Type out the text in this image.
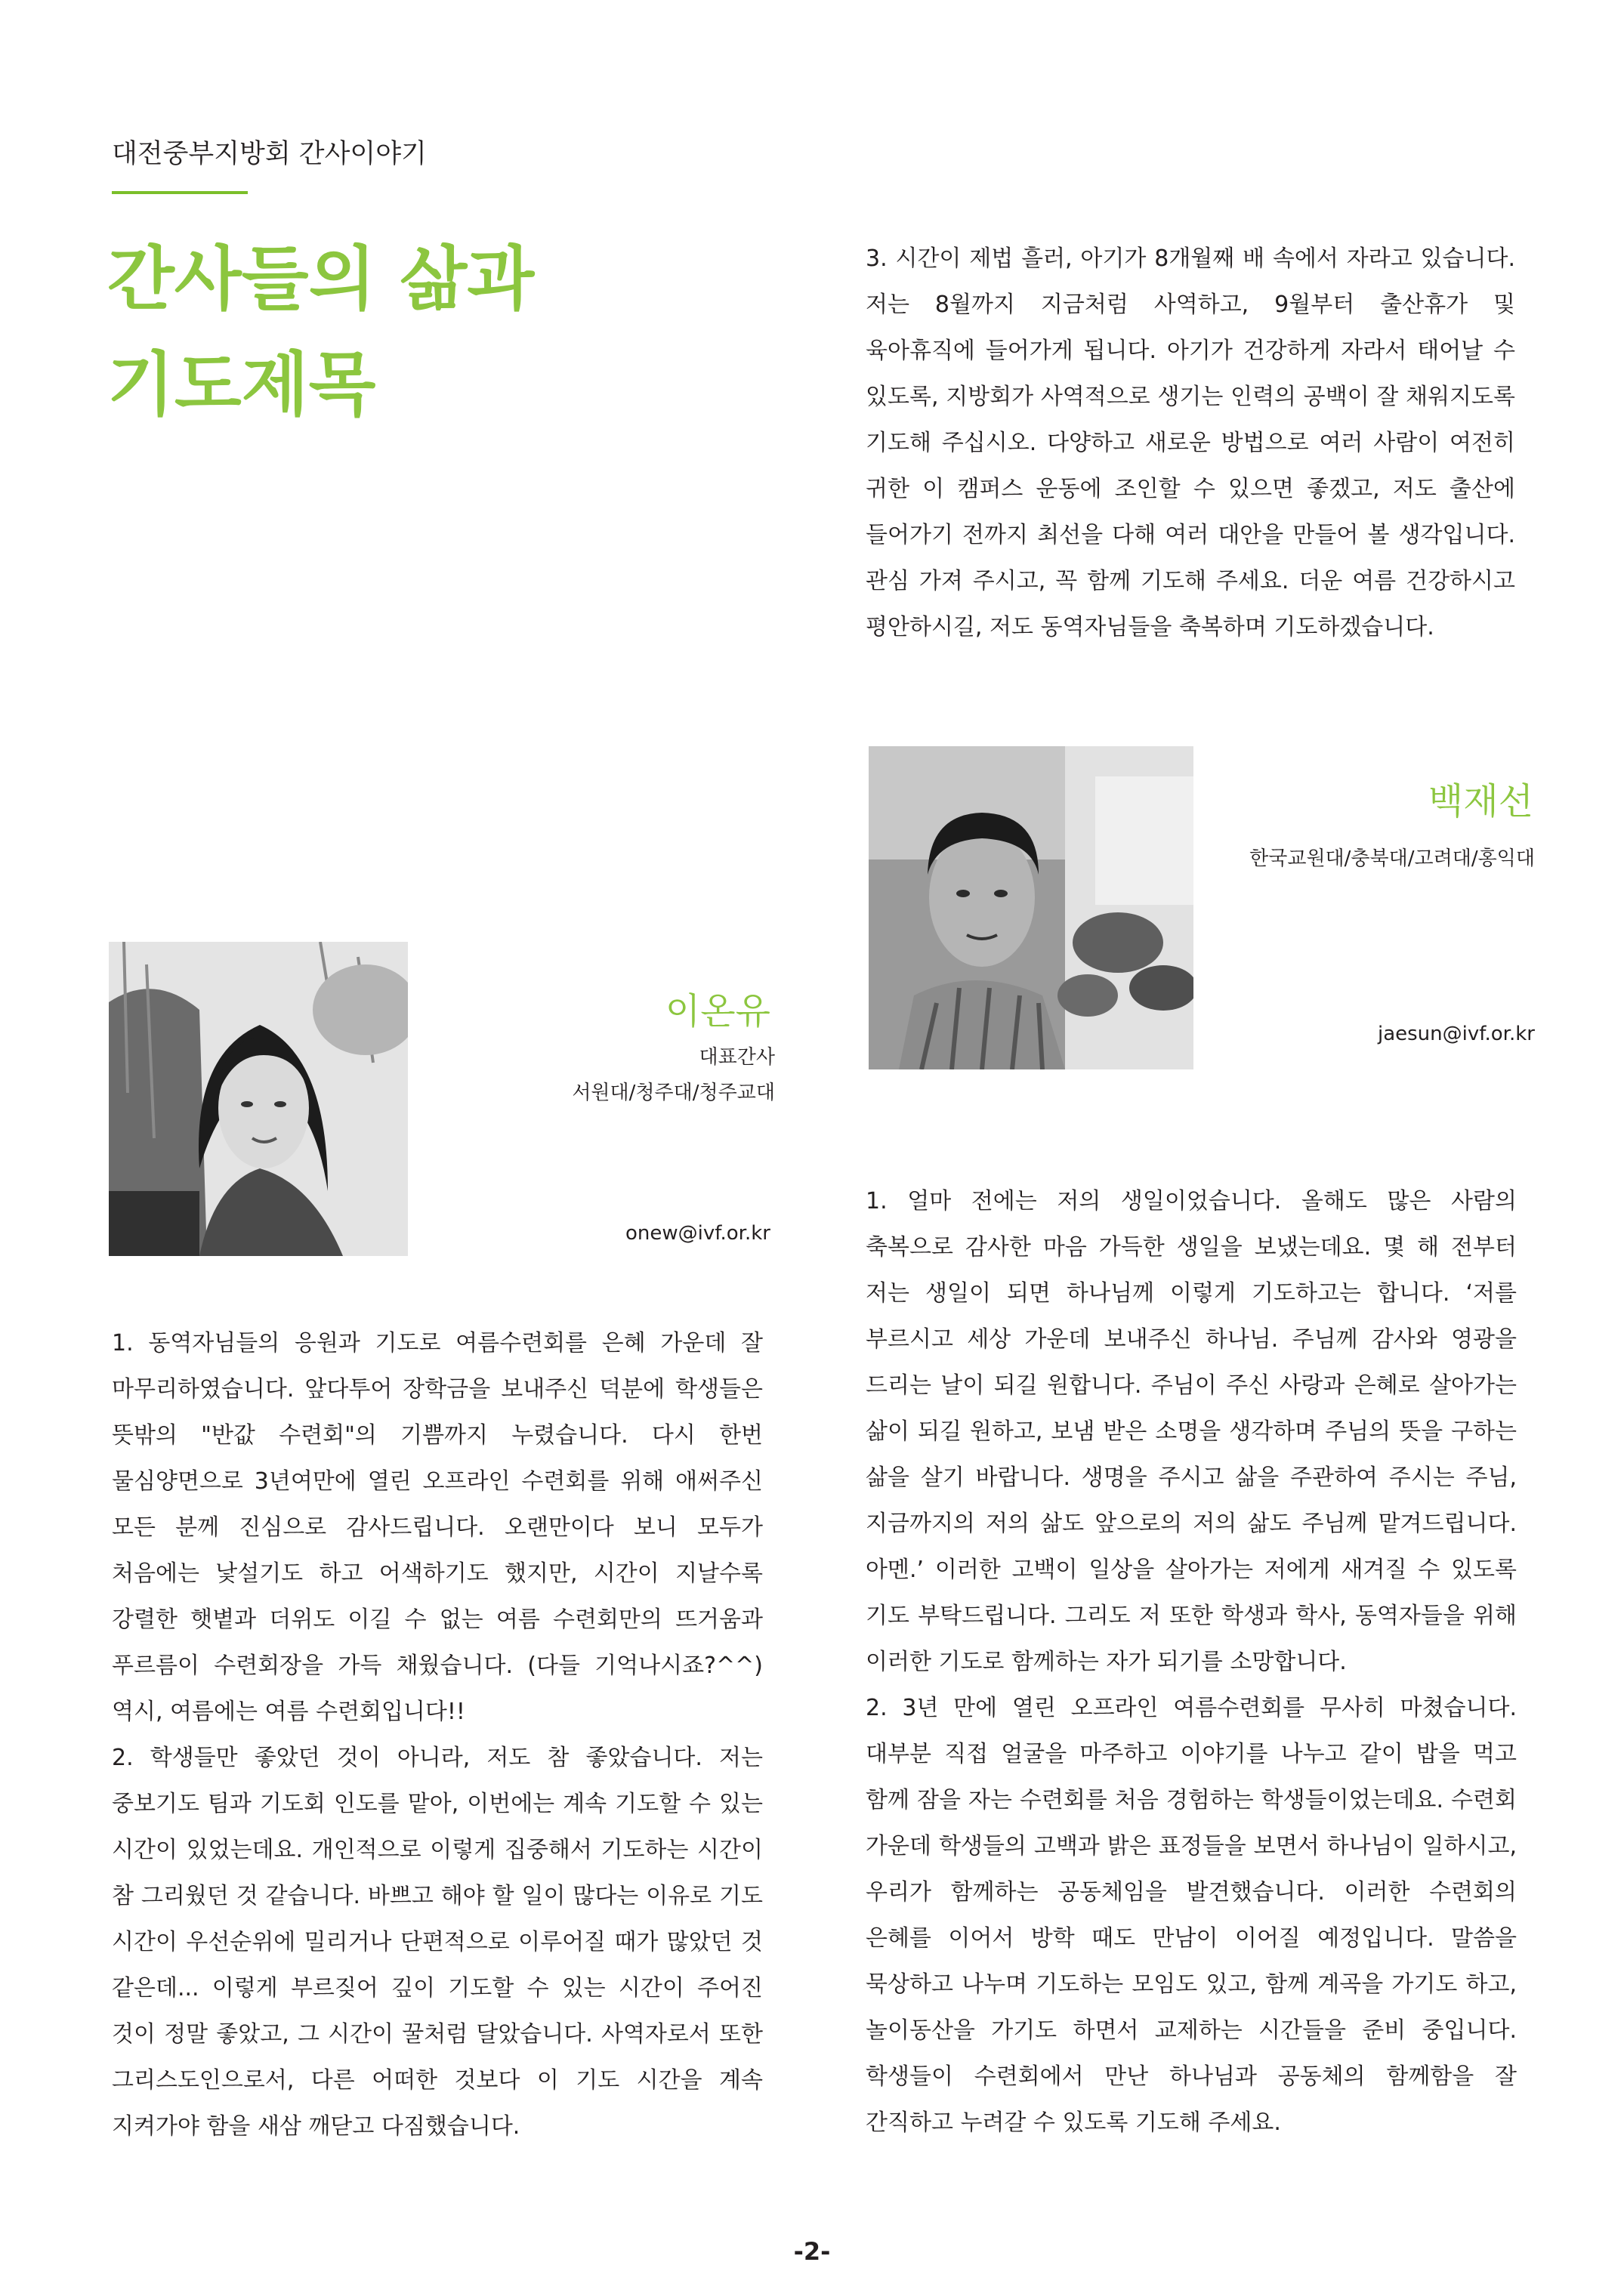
대전중부지방회 간사이야기
간사들의 삶과
기도제목
3. 시간이 제법 흘러, 아기가 8개월째 배 속에서 자라고 있습니다. 저는 8월까지 지금처럼 사역하고, 9월부터 출산휴가 및 육아휴직에 들어가게 됩니다. 아기가 건강하게 자라서 태어날 수 있도록, 지방회가 사역적으로 생기는 인력의 공백이 잘 채워지도록 기도해 주십시오. 다양하고 새로운 방법으로 여러 사람이 여전히 귀한 이 캠퍼스 운동에 조인할 수 있으면 좋겠고, 저도 출산에 들어가기 전까지 최선을 다해 여러 대안을 만들어 볼 생각입니다. 관심 가져 주시고, 꼭 함께 기도해 주세요. 더운 여름 건강하시고 평안하시길, 저도 동역자님들을 축복하며 기도하겠습니다.
백재선
한국교원대/충북대/고려대/홍익대
jaesun@ivf.or.kr
이온유
대표간사
서원대/청주대/청주교대
onew@ivf.or.kr
1. 동역자님들의 응원과 기도로 여름수련회를 은혜 가운데 잘 마무리하였습니다. 앞다투어 장학금을 보내주신 덕분에 학생들은 뜻밖의 "반값 수련회"의 기쁨까지 누렸습니다. 다시 한번 물심양면으로 3년여만에 열린 오프라인 수련회를 위해 애써주신 모든 분께 진심으로 감사드립니다. 오랜만이다 보니 모두가 처음에는 낯설기도 하고 어색하기도 했지만, 시간이 지날수록 강렬한 햇볕과 더위도 이길 수 없는 여름 수련회만의 뜨거움과 푸르름이 수련회장을 가득 채웠습니다. (다들 기억나시죠?^^) 역시, 여름에는 여름 수련회입니다!!
2. 학생들만 좋았던 것이 아니라, 저도 참 좋았습니다. 저는 중보기도 팀과 기도회 인도를 맡아, 이번에는 계속 기도할 수 있는 시간이 있었는데요. 개인적으로 이렇게 집중해서 기도하는 시간이 참 그리웠던 것 같습니다. 바쁘고 해야 할 일이 많다는 이유로 기도 시간이 우선순위에 밀리거나 단편적으로 이루어질 때가 많았던 것 같은데... 이렇게 부르짖어 깊이 기도할 수 있는 시간이 주어진 것이 정말 좋았고, 그 시간이 꿀처럼 달았습니다. 사역자로서 또한 그리스도인으로서, 다른 어떠한 것보다 이 기도 시간을 계속 지켜가야 함을 새삼 깨닫고 다짐했습니다.
1. 얼마 전에는 저의 생일이었습니다. 올해도 많은 사람의 축복으로 감사한 마음 가득한 생일을 보냈는데요. 몇 해 전부터 저는 생일이 되면 하나님께 이렇게 기도하고는 합니다. ‘저를 부르시고 세상 가운데 보내주신 하나님. 주님께 감사와 영광을 드리는 날이 되길 원합니다. 주님이 주신 사랑과 은혜로 살아가는 삶이 되길 원하고, 보냄 받은 소명을 생각하며 주님의 뜻을 구하는 삶을 살기 바랍니다. 생명을 주시고 삶을 주관하여 주시는 주님, 지금까지의 저의 삶도 앞으로의 저의 삶도 주님께 맡겨드립니다. 아멘.’ 이러한 고백이 일상을 살아가는 저에게 새겨질 수 있도록 기도 부탁드립니다. 그리도 저 또한 학생과 학사, 동역자들을 위해 이러한 기도로 함께하는 자가 되기를 소망합니다.
2. 3년 만에 열린 오프라인 여름수련회를 무사히 마쳤습니다. 대부분 직접 얼굴을 마주하고 이야기를 나누고 같이 밥을 먹고 함께 잠을 자는 수련회를 처음 경험하는 학생들이었는데요. 수련회 가운데 학생들의 고백과 밝은 표정들을 보면서 하나님이 일하시고, 우리가 함께하는 공동체임을 발견했습니다. 이러한 수련회의 은혜를 이어서 방학 때도 만남이 이어질 예정입니다. 말씀을 묵상하고 나누며 기도하는 모임도 있고, 함께 계곡을 가기도 하고, 놀이동산을 가기도 하면서 교제하는 시간들을 준비 중입니다. 학생들이 수련회에서 만난 하나님과 공동체의 함께함을 잘 간직하고 누려갈 수 있도록 기도해 주세요.
-2-
